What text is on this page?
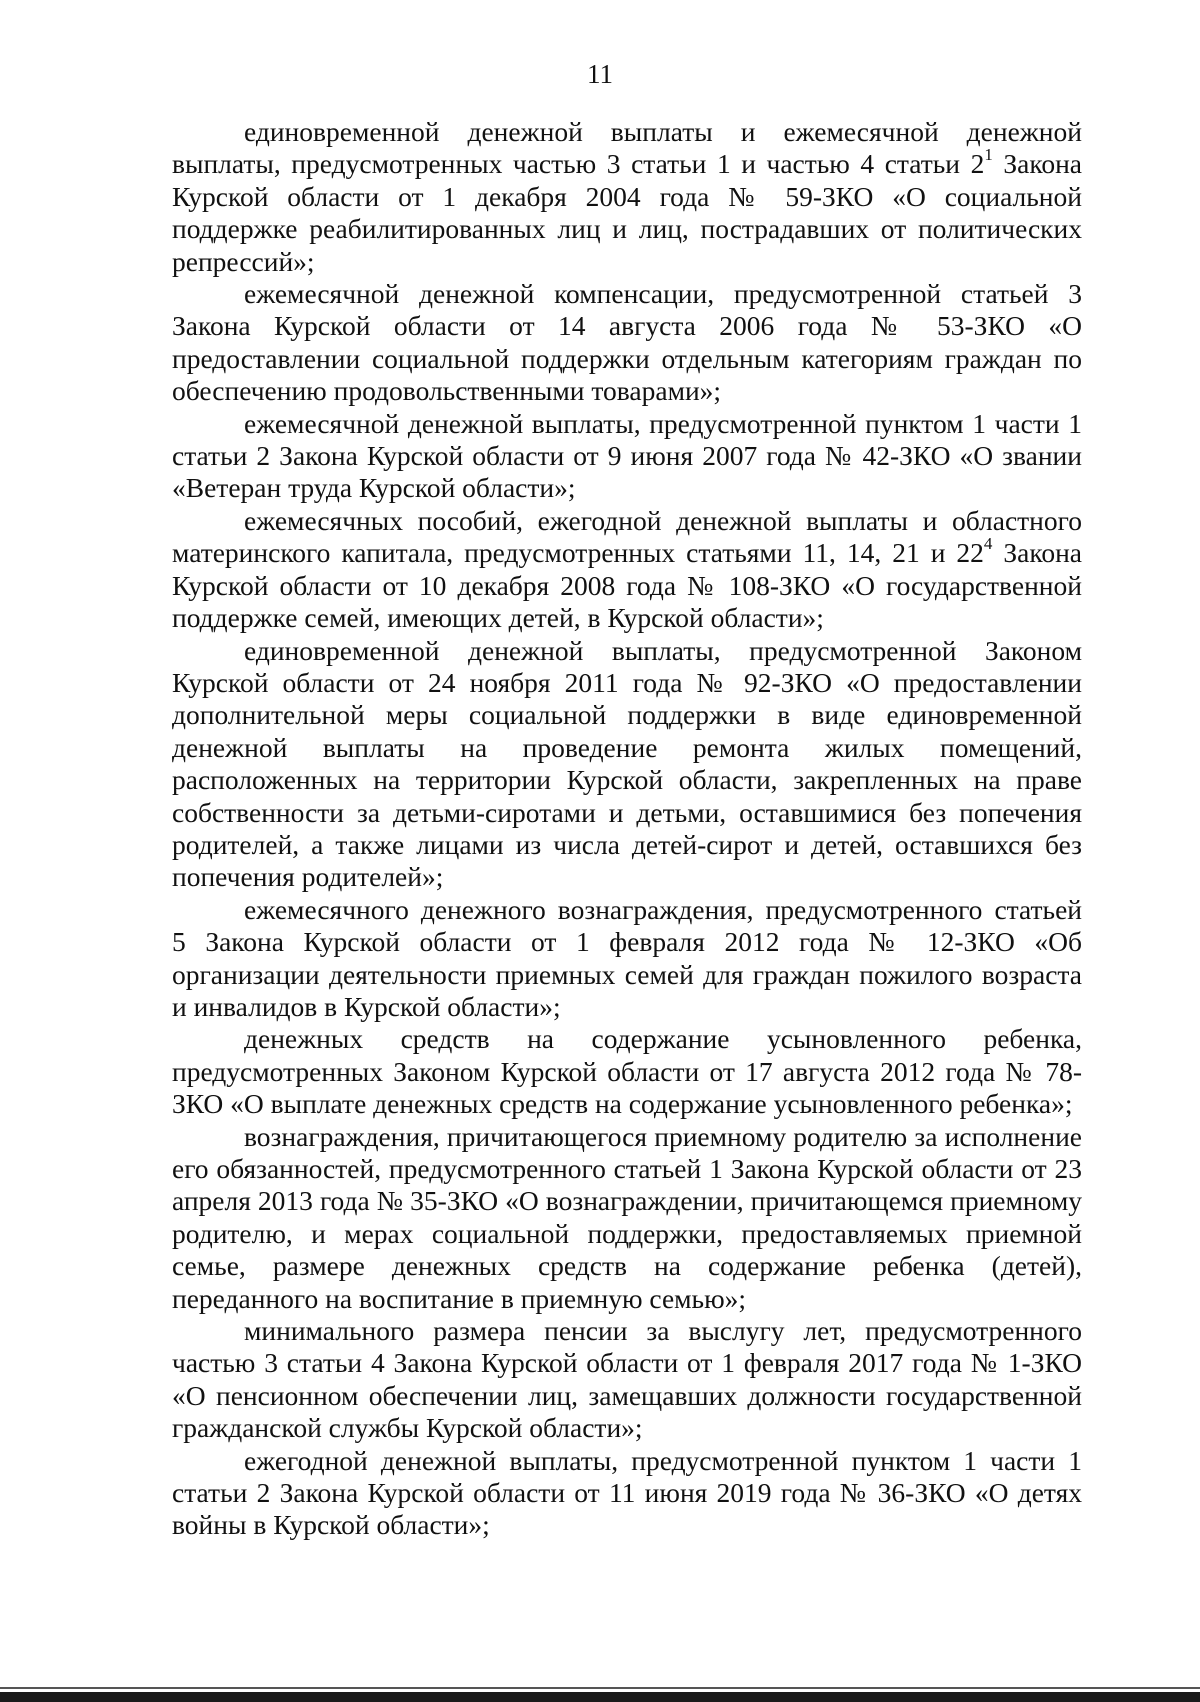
11

единовременной денежной выплаты и ежемесячной денежной выплаты, предусмотренных частью 3 статьи 1 и частью 4 статьи $2^1$ Закона Курской области от 1 декабря 2004 года № 59-ЗКО «О социальной поддержке реабилитированных лиц и лиц, пострадавших от политических репрессий»;

ежемесячной денежной компенсации, предусмотренной статьей 3 Закона Курской области от 14 августа 2006 года № 53-ЗКО «О предоставлении социальной поддержки отдельным категориям граждан по обеспечению продовольственными товарами»;

ежемесячной денежной выплаты, предусмотренной пунктом 1 части 1 статьи 2 Закона Курской области от 9 июня 2007 года № 42-ЗКО «О звании «Ветеран труда Курской области»;

ежемесячных пособий, ежегодной денежной выплаты и областного материнского капитала, предусмотренных статьями 11, 14, 21 и $22^4$ Закона Курской области от 10 декабря 2008 года № 108-ЗКО «О государственной поддержке семей, имеющих детей, в Курской области»;

единовременной денежной выплаты, предусмотренной Законом Курской области от 24 ноября 2011 года № 92-ЗКО «О предоставлении дополнительной меры социальной поддержки в виде единовременной денежной выплаты на проведение ремонта жилых помещений, расположенных на территории Курской области, закрепленных на праве собственности за детьми-сиротами и детьми, оставшимися без попечения родителей, а также лицами из числа детей-сирот и детей, оставшихся без попечения родителей»;

ежемесячного денежного вознаграждения, предусмотренного статьей 5 Закона Курской области от 1 февраля 2012 года № 12-ЗКО «Об организации деятельности приемных семей для граждан пожилого возраста и инвалидов в Курской области»;

денежных средств на содержание усыновленного ребенка, предусмотренных Законом Курской области от 17 августа 2012 года № 78-ЗКО «О выплате денежных средств на содержание усыновленного ребенка»;

вознаграждения, причитающегося приемному родителю за исполнение его обязанностей, предусмотренного статьей 1 Закона Курской области от 23 апреля 2013 года № 35-ЗКО «О вознаграждении, причитающемся приемному родителю, и мерах социальной поддержки, предоставляемых приемной семье, размере денежных средств на содержание ребенка (детей), переданного на воспитание в приемную семью»;

минимального размера пенсии за выслугу лет, предусмотренного частью 3 статьи 4 Закона Курской области от 1 февраля 2017 года № 1-ЗКО «О пенсионном обеспечении лиц, замещавших должности государственной гражданской службы Курской области»;

ежегодной денежной выплаты, предусмотренной пунктом 1 части 1 статьи 2 Закона Курской области от 11 июня 2019 года № 36-ЗКО «О детях войны в Курской области»;
